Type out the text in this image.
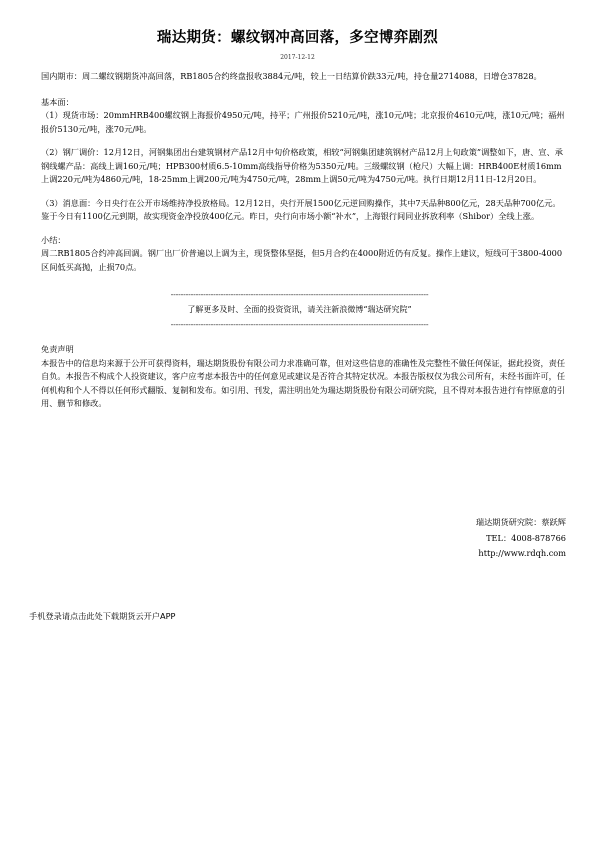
瑞达期货：螺纹钢冲高回落，多空博弈剧烈
2017-12-12

国内期市：周二螺纹钢期货冲高回落，RB1805合约终盘报收3884元/吨，较上一日结算价跌33元/吨，持仓量2714088，日增仓37828。

基本面：

（1）现货市场：20mmHRB400螺纹钢上海报价4950元/吨，持平；广州报价5210元/吨，涨10元/吨；北京报价4610元/吨，涨10元/吨；福州报价5130元/吨，涨70元/吨。

（2）钢厂调价：12月12日，河钢集团出台建筑钢材产品12月中旬价格政策，相较“河钢集团建筑钢材产品12月上旬政策”调整如下，唐、宣、承钢线螺产品：高线上调160元/吨；HPB300材质6.5-10mm高线指导价格为5350元/吨。三级螺纹钢（枪尺）大幅上调：HRB400E材质16mm上调220元/吨为4860元/吨，18-25mm上调200元/吨为4750元/吨，28mm上调50元/吨为4750元/吨。执行日期12月11日-12月20日。

（3）消息面：今日央行在公开市场维持净投放格局。12月12日，央行开展1500亿元逆回购操作，其中7天品种800亿元，28天品种700亿元。鉴于今日有1100亿元到期，故实现资金净投放400亿元。昨日，央行向市场小额“补水”，上海银行间同业拆放利率（Shibor）全线上涨。

小结：

周二RB1805合约冲高回调。钢厂出厂价普遍以上调为主，现货整体坚挺，但5月合约在4000附近仍有反复。操作上建议，短线可于3800-4000区间低买高抛，止损70点。

-------------------------------------------------------------------------------------------------------
了解更多及时、全面的投资资讯，请关注新浪微博“瑞达研究院”
-------------------------------------------------------------------------------------------------------

免责声明

本报告中的信息均来源于公开可获得资料，瑞达期货股份有限公司力求准确可靠，但对这些信息的准确性及完整性不做任何保证，据此投资，责任自负。本报告不构成个人投资建议，客户应考虑本报告中的任何意见或建议是否符合其特定状况。本报告版权仅为我公司所有，未经书面许可，任何机构和个人不得以任何形式翻版、复制和发布。如引用、刊发，需注明出处为瑞达期货股份有限公司研究院，且不得对本报告进行有悖原意的引用、删节和修改。

瑞达期货研究院：蔡跃辉
TEL：4008-878766
http://www.rdqh.com
手机登录请点击此处下载期货云开户APP
